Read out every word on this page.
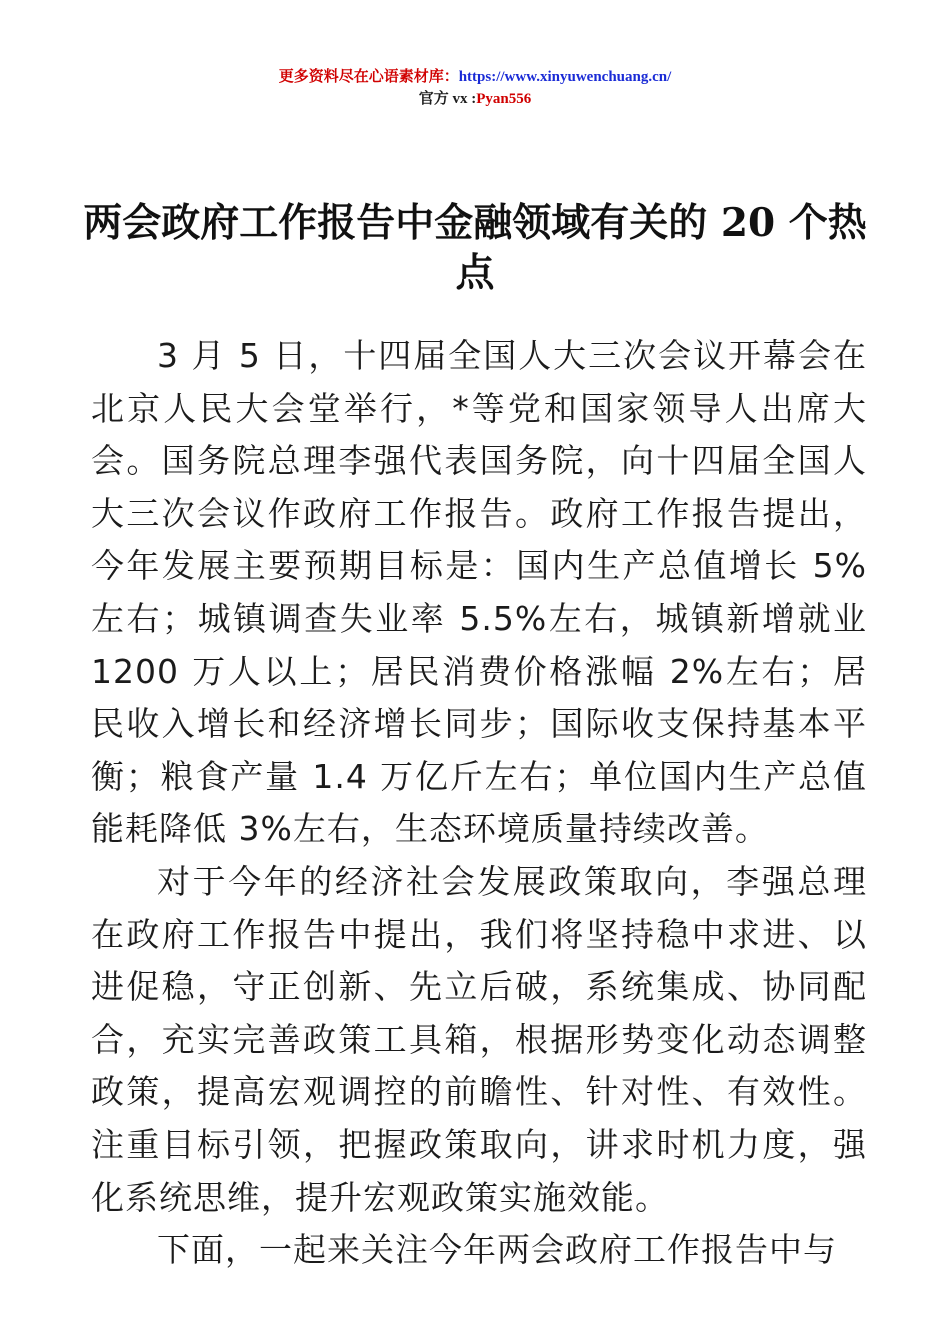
更多资料尽在心语素材库：https://www.xinyuwenchuang.cn/
官方 vx :Pyan556
两会政府工作报告中金融领域有关的 20 个热点

3 月 5 日，十四届全国人大三次会议开幕会在北京人民大会堂举行，*等党和国家领导人出席大会。国务院总理李强代表国务院，向十四届全国人大三次会议作政府工作报告。政府工作报告提出，今年发展主要预期目标是：国内生产总值增长 5%左右；城镇调查失业率 5.5%左右，城镇新增就业 1200 万人以上；居民消费价格涨幅 2%左右；居民收入增长和经济增长同步；国际收支保持基本平衡；粮食产量 1.4 万亿斤左右；单位国内生产总值能耗降低 3%左右，生态环境质量持续改善。

对于今年的经济社会发展政策取向，李强总理在政府工作报告中提出，我们将坚持稳中求进、以进促稳，守正创新、先立后破，系统集成、协同配合，充实完善政策工具箱，根据形势变化动态调整政策，提高宏观调控的前瞻性、针对性、有效性。注重目标引领，把握政策取向，讲求时机力度，强化系统思维，提升宏观政策实施效能。

下面，一起来关注今年两会政府工作报告中与
